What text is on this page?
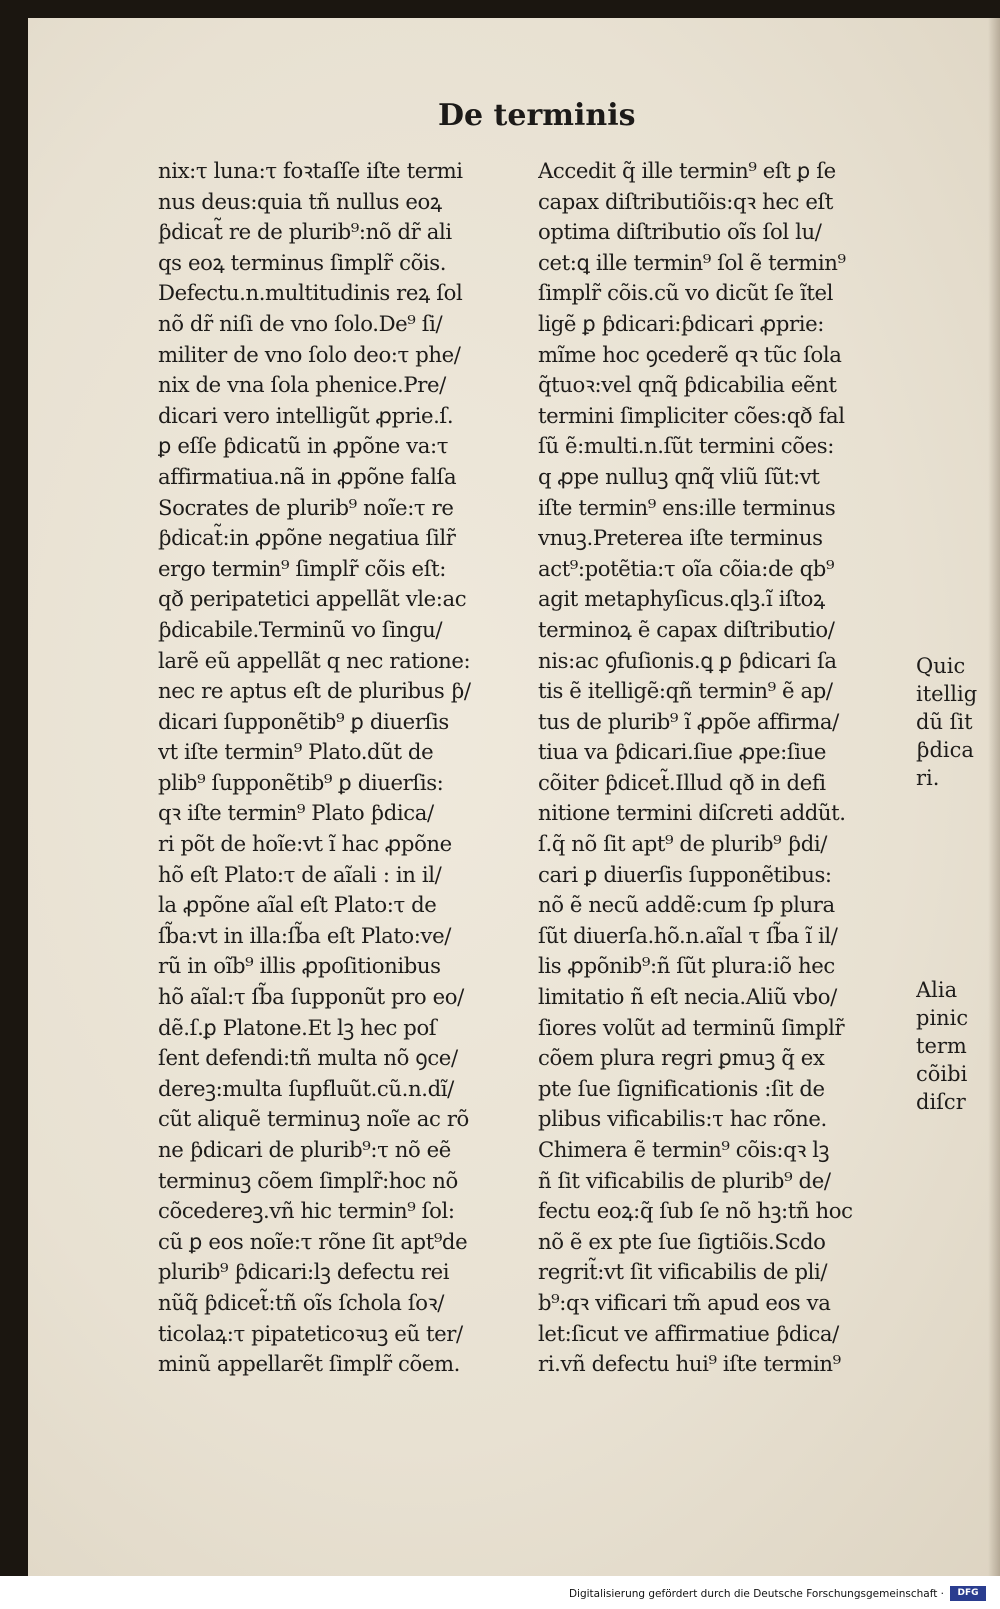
De terminis
nix:τ luna:τ foꝛtaſſe iſte termi
nus deus:quia tñ nullus eoꝝ
ƥdicat̃ re de plurib⁹:nõ dr̃ ali
qs eoꝝ terminus ſimplr̃ cõis.
Defectu.n.multitudinis reꝝ ſol
nõ dr̃ niſi de vno ſolo.De⁹ ſi/
militer de vno ſolo deo:τ phe/
nix de vna ſola phenice.Pre/
dicari vero intelligũt ꝓprie.ſ.
ꝑ eſſe ƥdicatũ in ꝓpõne va:τ
affirmatiua.nã in ꝓpõne falſa
Socrates de plurib⁹ noĩe:τ re
ƥdicat̃:in ꝓpõne negatiua ſilr̃
ergo termin⁹ ſimplr̃ cõis eſt:
qð peripatetici appellãt vle:ac
ƥdicabile.Terminũ vo ſingu/
larẽ eũ appellãt q nec ratione:
nec re aptus eſt de pluribus ƥ/
dicari ſupponẽtib⁹ ꝑ diuerſis
vt iſte termin⁹ Plato.dũt de
plib⁹ ſupponẽtib⁹ ꝑ diuerſis:
qꝛ iſte termin⁹ Plato ƥdica/
ri põt de hoĩe:vt ĩ hac ꝓpõne
hõ eſt Plato:τ de aĩali : in il/
la ꝓpõne aĩal eſt Plato:τ de
ſb̃a:vt in illa:ſb̃a eſt Plato:ve/
rũ in oĩb⁹ illis ꝓpoſitionibus
hõ aĩal:τ ſb̃a ſupponũt pro eo/
dẽ.ſ.ꝑ Platone.Et lꝫ hec poſ
ſent defendi:tñ multa nõ ꝯce/
dereꝫ:multa ſupfluũt.cũ.n.dĩ/
cũt aliquẽ terminuꝫ noĩe ac rõ
ne ƥdicari de plurib⁹:τ nõ eẽ
terminuꝫ cõem ſimplr̃:hoc nõ
cõcedereꝫ.vñ hic termin⁹ ſol:
cũ ꝑ eos noĩe:τ rõne ſit apt⁹de
plurib⁹ ƥdicari:lꝫ defectu rei
nũq̃ ƥdicet̃:tñ oĩs ſchola ſoꝛ/
ticolaꝝ:τ pipateticoꝛuꝫ eũ ter/
minũ appellarẽt ſimplr̃ cõem.
Accedit q̃ ille termin⁹ eſt ꝑ ſe
capax diſtributiõis:qꝛ hec eſt
optima diſtributio oĩs ſol lu/
cet:ꝗ ille termin⁹ ſol ẽ termin⁹
ſimplr̃ cõis.cũ vo dicũt ſe ĩtel
ligẽ ꝑ ƥdicari:ƥdicari ꝓprie:
mĩme hoc ꝯcederẽ qꝛ tũc ſola
q̃tuoꝛ:vel qnq̃ ƥdicabilia eẽnt
termini ſimpliciter cões:qð fal
ſũ ẽ:multi.n.ſũt termini cões:
q ꝓpe nulluꝫ qnq̃ vliũ ſũt:vt
iſte termin⁹ ens:ille terminus
vnuꝫ.Preterea iſte terminus
act⁹:potẽtia:τ oĩa cõia:de qb⁹
agit metaphyſicus.qlꝫ.ĩ iſtoꝝ
terminoꝝ ẽ capax diſtributio/
nis:ac ꝯfuſionis.ꝗ ꝑ ƥdicari ſa
tis ẽ itelligẽ:qñ termin⁹ ẽ ap/
tus de plurib⁹ ĩ ꝓpõe affirma/
tiua va ƥdicari.ſiue ꝓpe:ſiue
cõiter ƥdicet̃.Illud qð in defi
nitione termini diſcreti addũt.
ſ.q̃ nõ ſit apt⁹ de plurib⁹ ƥdi/
cari ꝑ diuerſis ſupponẽtibus:
nõ ẽ necũ addẽ:cum ſp plura
ſũt diuerſa.hõ.n.aĩal τ ſb̃a ĩ il/
lis ꝓpõnib⁹:ñ ſũt plura:iõ hec
limitatio ñ eſt necia.Aliũ vbo/
ſiores volũt ad terminũ ſimplr̃
cõem plura regri ꝑmuꝫ q̃ ex
pte ſue ſignificationis :ſit de
plibus vificabilis:τ hac rõne.
Chimera ẽ termin⁹ cõis:qꝛ lꝫ
ñ ſit vificabilis de plurib⁹ de/
fectu eoꝝ:q̃ ſub ſe nõ hꝫ:tñ hoc
nõ ẽ ex pte ſue ſigtiõis.Scdo
regrit̃:vt ſit vificabilis de pli/
b⁹:qꝛ vificari tm̃ apud eos va
let:ſicut ve affirmatiue ƥdica/
ri.vñ defectu hui⁹ iſte termin⁹
Quic
itellig
dũ ſit
ƥdica
ri.
Alia
pinic
term
cõibi
diſcr
Digitalisierung gefördert durch die Deutsche Forschungsgemeinschaft ·	DFG
